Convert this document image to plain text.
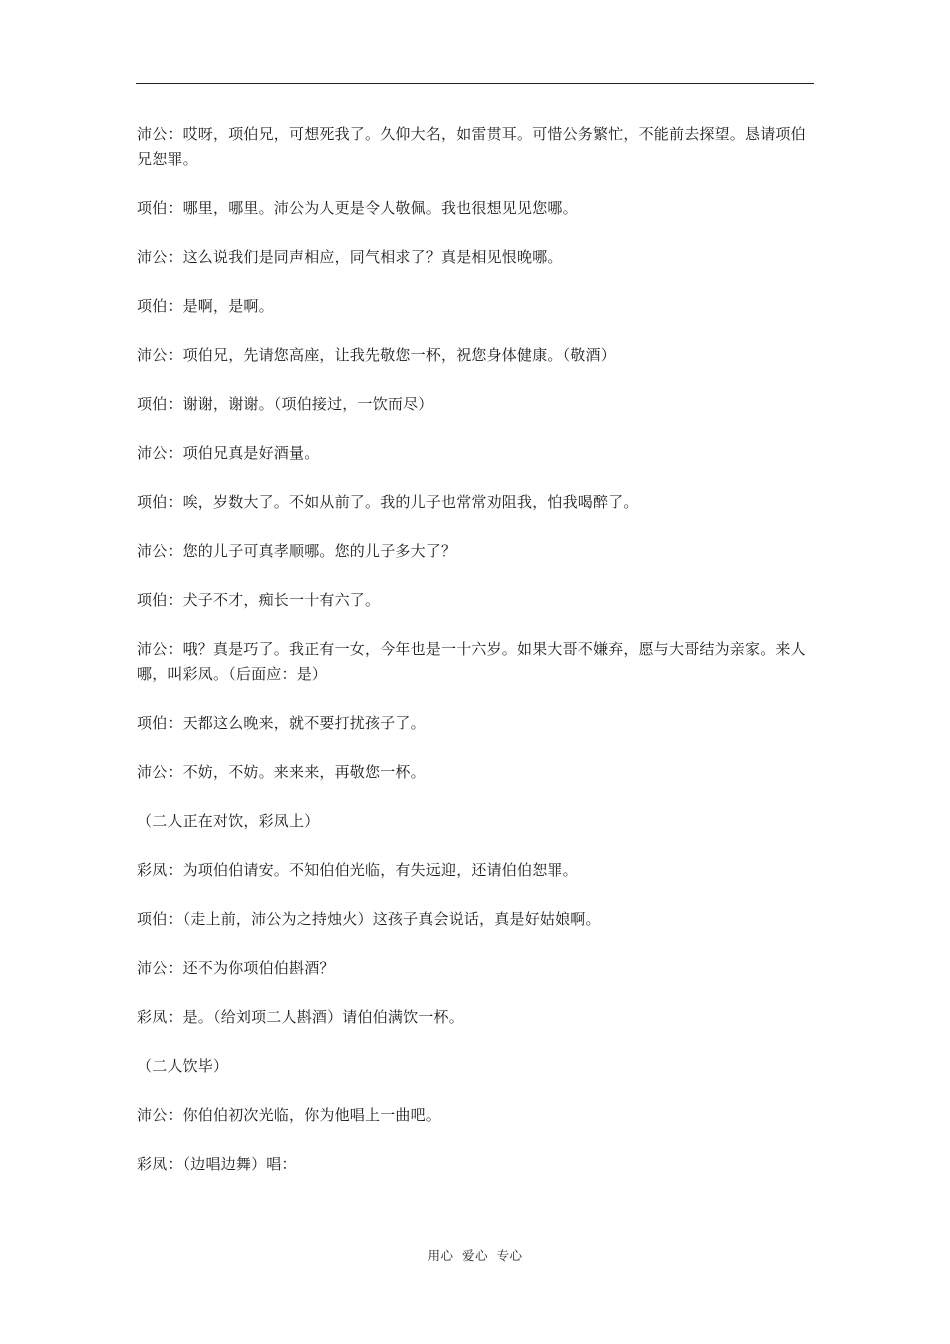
沛公：哎呀，项伯兄，可想死我了。久仰大名，如雷贯耳。可惜公务繁忙，不能前去探望。恳请项伯兄恕罪。

项伯：哪里，哪里。沛公为人更是令人敬佩。我也很想见见您哪。

沛公：这么说我们是同声相应，同气相求了？真是相见恨晚哪。

项伯：是啊，是啊。

沛公：项伯兄，先请您高座，让我先敬您一杯，祝您身体健康。（敬酒）

项伯：谢谢，谢谢。（项伯接过，一饮而尽）

沛公：项伯兄真是好酒量。

项伯：唉，岁数大了。不如从前了。我的儿子也常常劝阻我，怕我喝醉了。

沛公：您的儿子可真孝顺哪。您的儿子多大了？

项伯：犬子不才，痴长一十有六了。

沛公：哦？真是巧了。我正有一女，今年也是一十六岁。如果大哥不嫌弃，愿与大哥结为亲家。来人哪，叫彩凤。（后面应：是）

项伯：天都这么晚来，就不要打扰孩子了。

沛公：不妨，不妨。来来来，再敬您一杯。

（二人正在对饮，彩凤上）

彩凤：为项伯伯请安。不知伯伯光临，有失远迎，还请伯伯恕罪。

项伯：（走上前，沛公为之持烛火）这孩子真会说话，真是好姑娘啊。

沛公：还不为你项伯伯斟酒？

彩凤：是。（给刘项二人斟酒）请伯伯满饮一杯。

（二人饮毕）

沛公：你伯伯初次光临，你为他唱上一曲吧。

彩凤：（边唱边舞）唱：

用心 爱心 专心
